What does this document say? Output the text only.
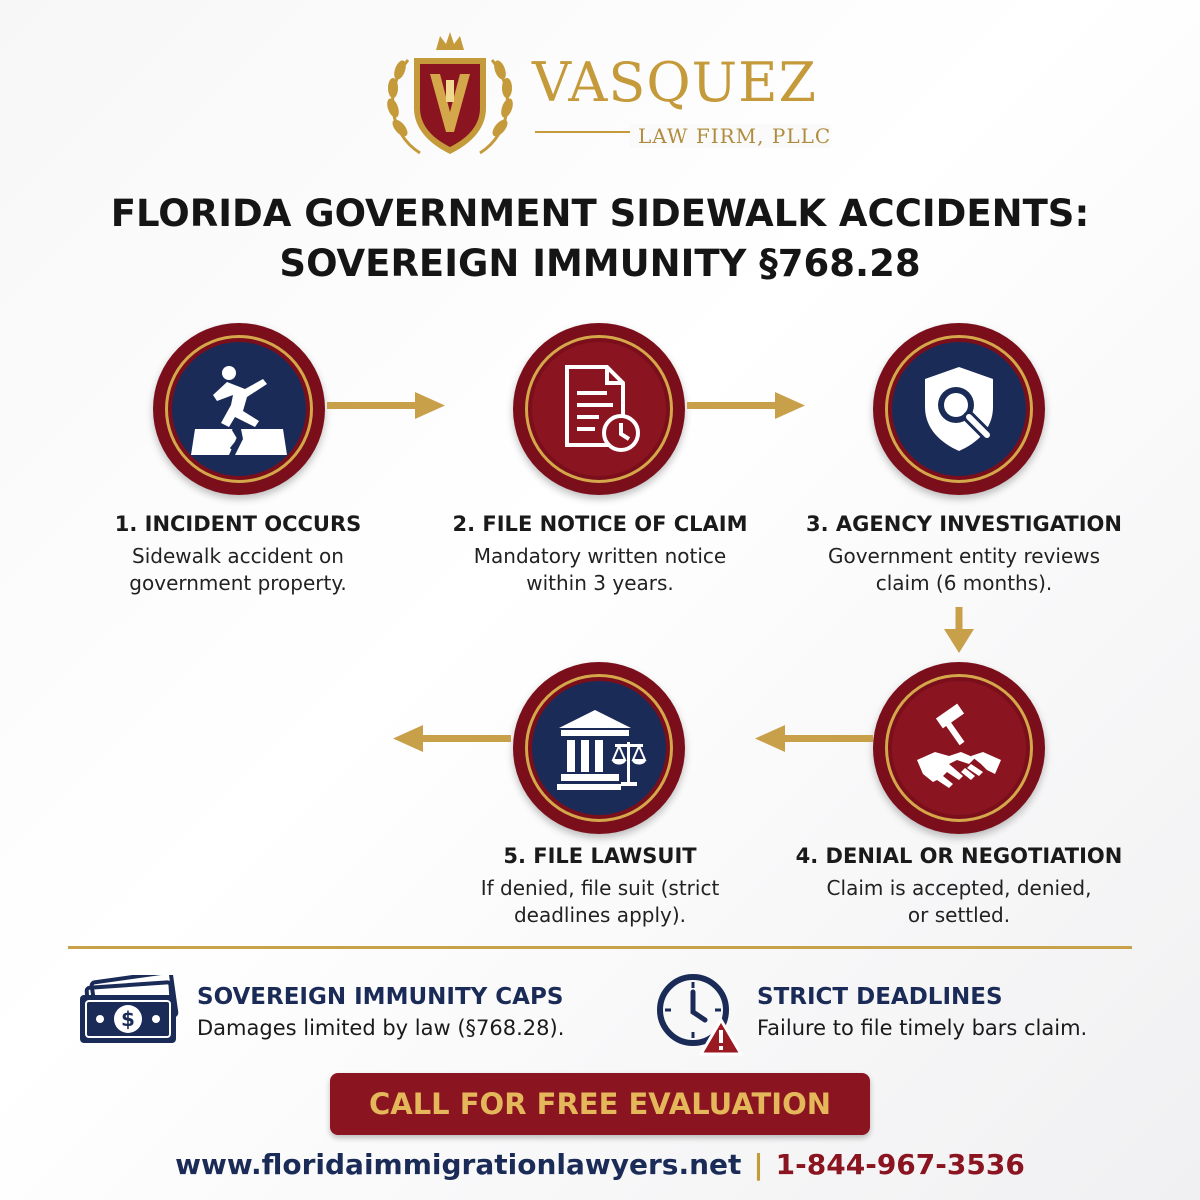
VASQUEZ
LAW FIRM, PLLC
FLORIDA GOVERNMENT SIDEWALK ACCIDENTS:
SOVEREIGN IMMUNITY §768.28
1. INCIDENT OCCURS
Sidewalk accident on
government property.
2. FILE NOTICE OF CLAIM
Mandatory written notice
within 3 years.
3. AGENCY INVESTIGATION
Government entity reviews
claim (6 months).
4. DENIAL OR NEGOTIATION
Claim is accepted, denied,
or settled.
5. FILE LAWSUIT
If denied, file suit (strict
deadlines apply).
$
SOVEREIGN IMMUNITY CAPS
Damages limited by law (§768.28).
STRICT DEADLINES
Failure to file timely bars claim.
CALL FOR FREE EVALUATION
www.floridaimmigrationlawyers.net | 1-844-967-3536
